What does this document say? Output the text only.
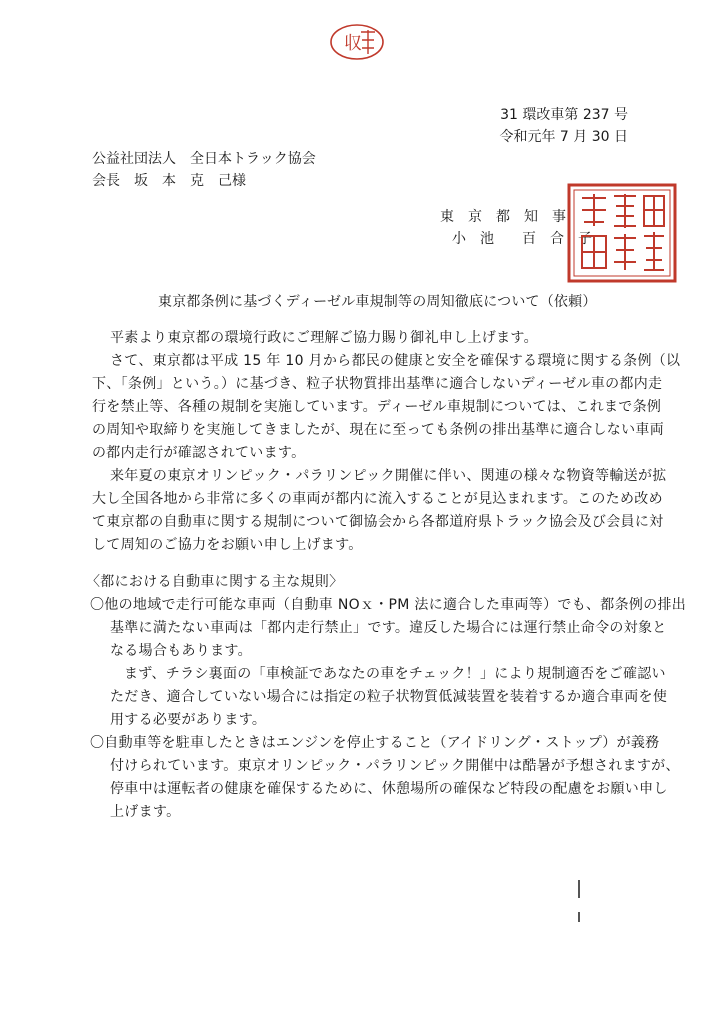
収
31 環改車第 237 号
令和元年 7 月 30 日
公益社団法人　全日本トラック協会
会長　坂　本　克　己様
東　京　都　知　事
小　池　　百　合　子
東京都条例に基づくディーゼル車規制等の周知徹底について（依頼）
平素より東京都の環境行政にご理解ご協力賜り御礼申し上げます。
さて、東京都は平成 15 年 10 月から都民の健康と安全を確保する環境に関する条例（以
下、「条例」という。）に基づき、粒子状物質排出基準に適合しないディーゼル車の都内走
行を禁止等、各種の規制を実施しています。ディーゼル車規制については、これまで条例
の周知や取締りを実施してきましたが、現在に至っても条例の排出基準に適合しない車両
の都内走行が確認されています。
来年夏の東京オリンピック・パラリンピック開催に伴い、関連の様々な物資等輸送が拡
大し全国各地から非常に多くの車両が都内に流入することが見込まれます。このため改め
て東京都の自動車に関する規制について御協会から各都道府県トラック協会及び会員に対
して周知のご協力をお願い申し上げます。
〈都における自動車に関する主な規則〉
〇他の地域で走行可能な車両（自動車 NOｘ・PM 法に適合した車両等）でも、都条例の排出
基準に満たない車両は「都内走行禁止」です。違反した場合には運行禁止命令の対象と
なる場合もあります。
まず、チラシ裏面の「車検証であなたの車をチェック！」により規制適否をご確認い
ただき、適合していない場合には指定の粒子状物質低減装置を装着するか適合車両を使
用する必要があります。
〇自動車等を駐車したときはエンジンを停止すること（アイドリング・ストップ）が義務
付けられています。東京オリンピック・パラリンピック開催中は酷暑が予想されますが、
停車中は運転者の健康を確保するために、休憩場所の確保など特段の配慮をお願い申し
上げます。
